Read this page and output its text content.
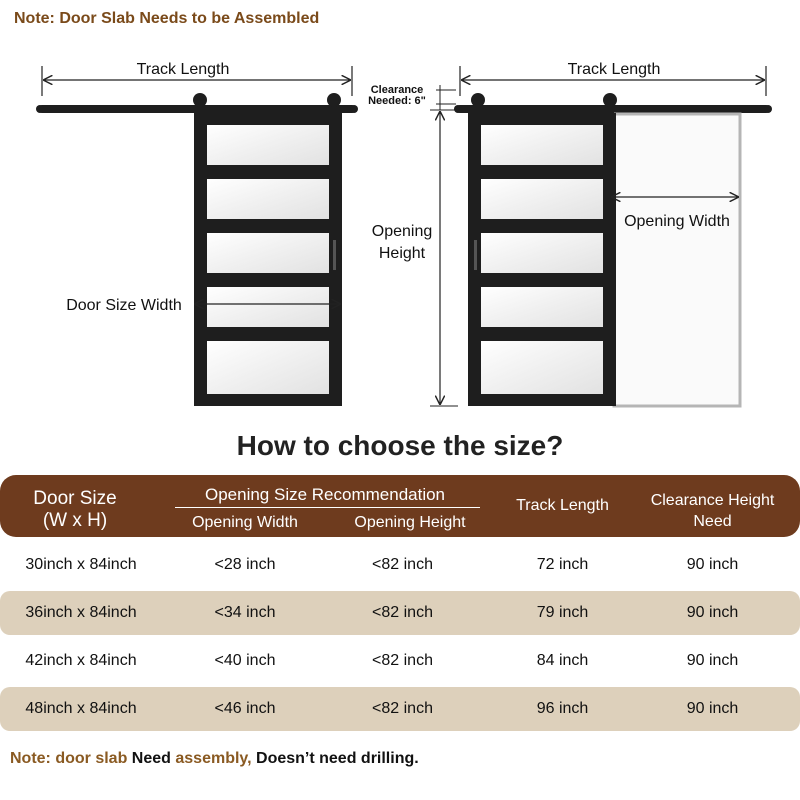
Note: Door Slab Needs to be Assembled
Track Length
Door Size Width
Track Length
Clearance
Needed: 6"
Opening
Height
Opening Width
How to choose the size?
Door Size
(W x H)
Opening Size Recommendation
Opening Width	Opening Height
Track Length	Clearance Height
Need
30inch x 84inch	<28 inch	<82 inch	72 inch	90 inch
36inch x 84inch	<34 inch	<82 inch	79 inch	90 inch
42inch x 84inch	<40 inch	<82 inch	84 inch	90 inch
48inch x 84inch	<46 inch	<82 inch	96 inch	90 inch
Note: door slab Need assembly, Doesn’t need drilling.
